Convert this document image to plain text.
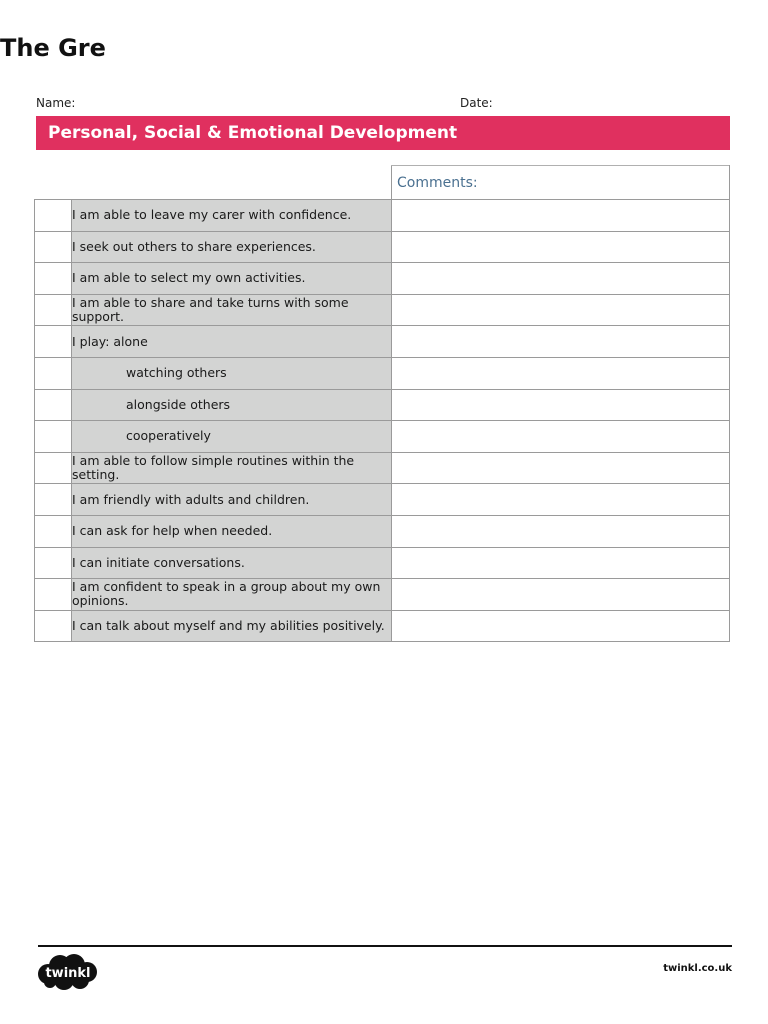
The Gre
Name:	Date:
Personal, Social & Emotional Development
		Comments:
	I am able to leave my carer with confidence.	
	I seek out others to share experiences.	
	I am able to select my own activities.	
	I am able to share and take turns with some support.	
	I play: alone	
	watching others	
	alongside others	
	cooperatively	
	I am able to follow simple routines within the setting.	
	I am friendly with adults and children.	
	I can ask for help when needed.	
	I can initiate conversations.	
	I am confident to speak in a group about my own opinions.	
	I can talk about myself and my abilities positively.	
twinkl	twinkl.co.uk
